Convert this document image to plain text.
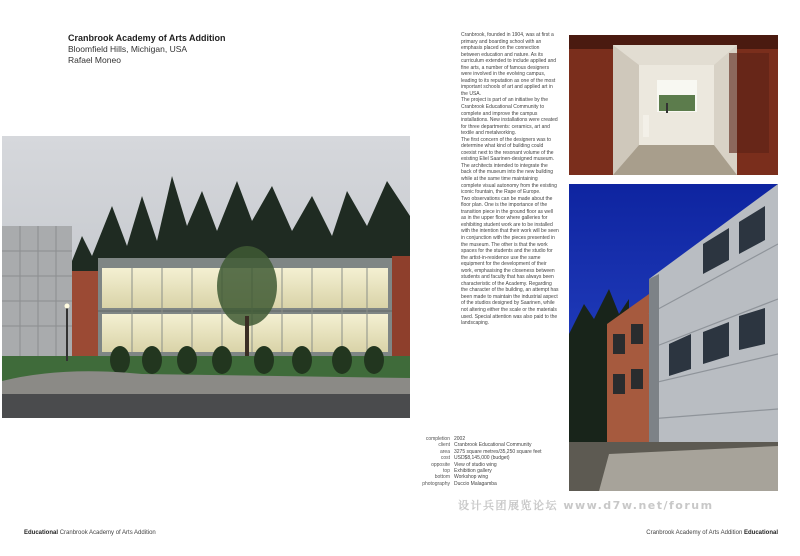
Cranbrook Academy of Arts Addition
Bloomfield Hills, Michigan, USA
Rafael Moneo

Cranbrook, founded in 1904, was at first a primary and boarding school with an emphasis placed on the connection between education and nature. As its curriculum extended to include applied and fine arts, a number of famous designers were involved in the evolving campus, leading to its reputation as one of the most important schools of art and applied art in the USA.

The project is part of an initiative by the Cranbrook Educational Community to complete and improve the campus installations. New installations were created for three departments: ceramics, art and textile and metalworking.

The first concern of the designers was to determine what kind of building could coexist next to the resonant volume of the existing Eliel Saarinen-designed museum. The architects intended to integrate the back of the museum into the new building while at the same time maintaining complete visual autonomy from the existing iconic fountain, the Rape of Europe.

Two observations can be made about the floor plan. One is the importance of the transition piece in the ground floor as well as in the upper floor where galleries for exhibiting student work are to be installed with the intention that their work will be seen in conjunction with the pieces presented in the museum. The other is that the work spaces for the students and the studio for the artist-in-residence use the same equipment for the development of their work, emphasising the closeness between students and faculty that has always been characteristic of the Academy. Regarding the character of the building, an attempt has been made to maintain the industrial aspect of the studios designed by Saarinen, while not altering either the scale or the materials used. Special attention was also paid to the landscaping.

completion 2002
client Cranbrook Educational Community
area 3275 square metres/35,250 square feet
cost USD$8,145,000 (budget)
opposite View of studio wing
top Exhibition gallery
bottom Workshop wing
photography Duccio Malagamba
设计兵团展览论坛 www.d7w.net/forum
Educational Cranbrook Academy of Arts Addition	Cranbrook Academy of Arts Addition Educational
